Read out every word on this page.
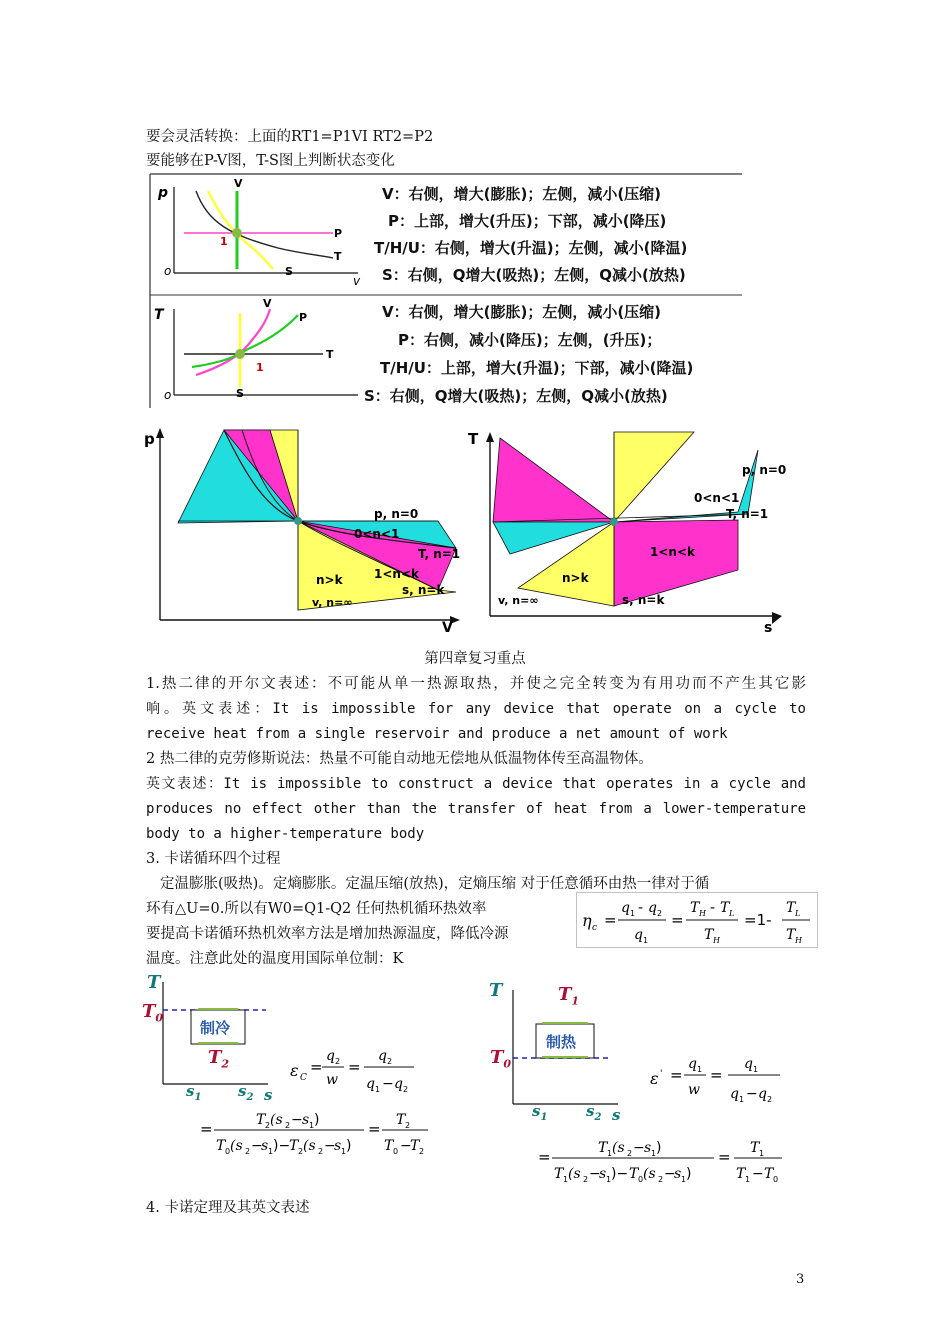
要会灵活转换：上面的RT1=P1VI RT2=P2
要能够在P-V图，T-S图上判断状态变化
p
v
o
V
P
T
S
1
T
o
V
P
T
S
1
V：右侧，增大(膨胀)；左侧，减小(压缩)
P：上部，增大(升压)；下部，减小(降压)
T/H/U：右侧，增大(升温)；左侧，减小(降温)
S：右侧，Q增大(吸热)；左侧，Q减小(放热)
V：右侧，增大(膨胀)；左侧，减小(压缩)
P：右侧，减小(降压)；左侧，(升压)；
T/H/U：上部，增大(升温)；下部，减小(降温)
S：右侧，Q增大(吸热)；左侧，Q减小(放热)
p
V
p, n=0
0<n<1
T, n=1
1<n<k
s, n=k
n>k
v, n=∞
T
s
p, n=0
0<n<1
T, n=1
1<n<k
s, n=k
n>k
v, n=∞
第四章复习重点
1.热二律的开尔文表述：不可能从单一热源取热，并使之完全转变为有用功而不产生其它影
响。英文表述：It is impossible for any device that operate on a cycle to
receive heat from a single reservoir and produce a net amount of work
2 热二律的克劳修斯说法：热量不可能自动地无偿地从低温物体传至高温物体。
英文表述：It is impossible to construct a device that operates in a cycle and
produces no effect other than the transfer of heat from a lower-temperature
body to a higher-temperature body
3. 卡诺循环四个过程
定温膨胀(吸热)。定熵膨胀。定温压缩(放热)，定熵压缩 对于任意循环由热一律对于循
环有△U=0.所以有W0=Q1-Q2 任何热机循环热效率
要提高卡诺循环热机效率方法是增加热源温度，降低冷源
温度。注意此处的温度用国际单位制：K
η c =
q 1 - q 2
q 1
=
T H - T L
T H
=1-
T L
T H
ε C
=
q 2
w
=
q 2
q 1 − q 2
=	T 2 (s 2 − s 1 )
T 0 (s 2 −
s 1 )−
T 2 (s 2 −
s 1 )
= T 2
T 0 −
T 2
T
$T_0$
制冷
$T_2$
$s_1$ $s_2$ s
ε ' =
q 1
w
=
q 1
q 1 − q 2
=	T 1 (s 2 − s 1 )
T 1 (s 2 −
s 1 )− T 0 (s 2 −
s 1 )
= T 1
T 1 − T 0
T	$T_1$
制热
$T_0$
$s_1$	$s_2$ s
4. 卡诺定理及其英文表述
3
